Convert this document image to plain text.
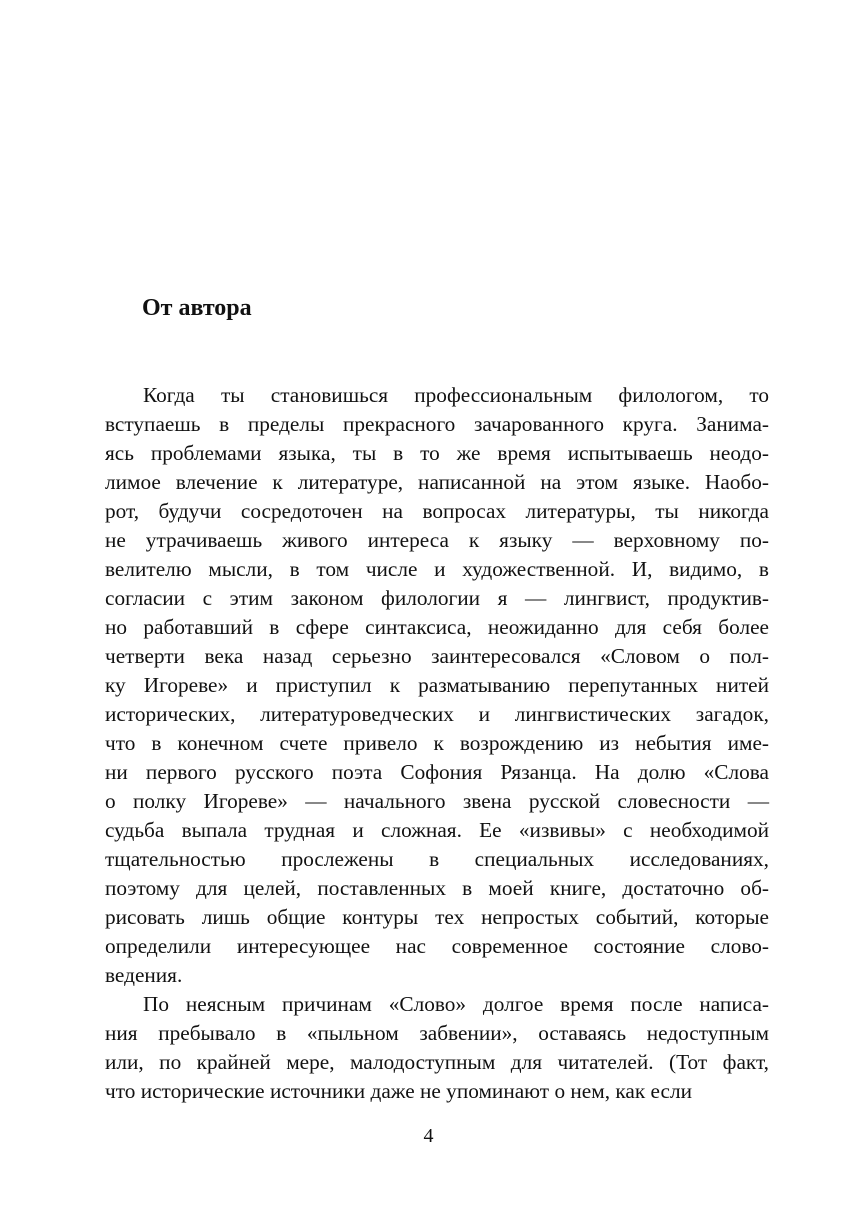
От автора
Когда ты становишься профессиональным филологом, то
вступаешь в пределы прекрасного зачарованного круга. Занима-
ясь проблемами языка, ты в то же время испытываешь неодо-
лимое влечение к литературе, написанной на этом языке. Наобо-
рот, будучи сосредоточен на вопросах литературы, ты никогда
не утрачиваешь живого интереса к языку — верховному по-
велителю мысли, в том числе и художественной. И, видимо, в
согласии с этим законом филологии я — лингвист, продуктив-
но работавший в сфере синтаксиса, неожиданно для себя более
четверти века назад серьезно заинтересовался «Словом о пол-
ку Игореве» и приступил к разматыванию перепутанных нитей
исторических, литературоведческих и лингвистических загадок,
что в конечном счете привело к возрождению из небытия име-
ни первого русского поэта Софония Рязанца. На долю «Слова
о полку Игореве» — начального звена русской словесности —
судьба выпала трудная и сложная. Ее «извивы» с необходимой
тщательностью прослежены в специальных исследованиях,
поэтому для целей, поставленных в моей книге, достаточно об-
рисовать лишь общие контуры тех непростых событий, которые
определили интересующее нас современное состояние слово-
ведения.
По неясным причинам «Слово» долгое время после написа-
ния пребывало в «пыльном забвении», оставаясь недоступным
или, по крайней мере, малодоступным для читателей. (Тот факт,
что исторические источники даже не упоминают о нем, как если
4
